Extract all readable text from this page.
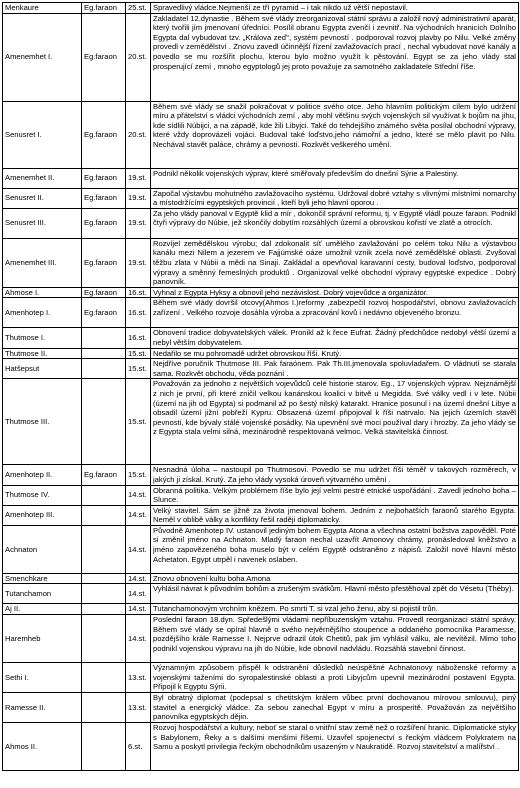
Menkaure	Eg.faraon	25.st.	Spravedlivý vládce.Nejmenší ze tří pyramid – i tak nikdo už větší nepostavil.
Amenemhet I.	Eg.faraon	20.st.	Zakladatel 12.dynastie . Během své vlády zreorganizoval státní správu a založil nový administrativní aparát, který tvořili jím jmenovaní úředníci. Posílil obranu Egypta zvenčí i zevnitř. Na východních hranicích Dolního Egypta dal vybudovat tzv. „Králova zeď“, systém pevností . podporoval rozvoj plavby po Nilu. Velké změny provedl v zemědělství . Znovu zavedl účinnější řízení zavlažovacích prací , nechal vybudovat nové kanály a povedlo se mu rozšířit plochu, kterou bylo možno využít k pěstování. Egypt se za jeho vlády stal prosperující zemí , mnoho egyptologů jej proto považuje za samotného zakladatele Střední říše.
Senusret I.	Eg.faraon	20.st.	Během své vlády se snažil pokračovat v politice svého otce. Jeho hlavním politickým cílem bylo udržení míru a přátelství s vládci východních zemí , aby mohl většinu svých vojenských sil využívat k bojům na jihu, kde sídlili Núbijci, a na západě, kde žili Libyjci. Také do tehdejšího známého světa posílal obchodní výpravy, které vždy doprovázeli vojáci. Budoval také loďstvo,jeho námořní a jedno, které se mělo plavit po Nilu. Nechával stavět paláce, chrámy a pevnosti. Rozkvět veškerého umění.
Amenemhet II.	Eg.faraon	19.st.	Podnikl několik vojenských výprav, které směřovaly především do dnešní Sýrie a Palestiny.
Senusret II.	Eg.faraon	19.st.	Započal výstavbu mohutného zavlažovacího systému. Udržoval dobré vztahy s vlivnými místními nomarchy a místodržícími egyptských provincií , kteří byli jeho hlavní oporou .
Senusret III.	Eg.faraon	19.st.	Za jeho vlády panoval v Egyptě klid a mír , dokončil správní reformu, tj. v Egyptě vládl pouze faraon. Podnikl čtyři výpravy do Núbie, jež skončily dobytím rozsáhlých území a obrovskou kořistí ve zlatě a otrocích.
Amenemhet III.	Eg.faraon	19.st.	Rozvíjel zemědělskou výrobu; dal zdokonalit síť umělého zavlažování po celém toku Nilu a výstavbou kanálu mezi Nilem a jezerem ve Fajjúmské oáze umožnil vznik zcela nové zemědělské oblasti. Zvyšoval těžbu zlata v Núbii a mědi na Sinaji. Zakládal a opevňoval karavanní cesty, budoval loďstvo, podporoval výpravy a směnný řemeslných produktů . Organizoval velké obchodní výpravy egyptské expedice . Dobrý panovník.
Ahmose I.	Eg.faraon	16.st.	Vyhnal z Egypta Hyksy a obnovil jeho nezávislost. Dobrý vojevůdce a organizátor.
Amenhotep I.	Eg.faraon	16.st.	Během své vlády dovršil otcovy(Ahmos I.)reformy ,zabezpečil rozvoj hospodářství, obnovu zavlažovacích zařízení . Velkého rozvoje dosáhla výroba a zpracování kovů i nedávno objeveného bronzu.
Thutmose I.		16.st.	Obnovení tradice dobyvatelských válek. Pronikl až k řece Eufrat. Žádný předchůdce nedobyl větší území a nebyl větším dobyvatelem.
Thutmose II.		15.st.	Nedařilo se mu pohromadě udržet obrovskou říši. Krutý.
Hatšepsut		15.st.	Nejdříve poručník Thutmose III. Pak faraónem. Pak Th.III.jmenovala spoluvladařem. O vládnutí se starala sama. Rozkvět obchodu, věda poznání .
Thutmose III.		15.st.	Považován za jednoho z největších vojevůdců celé historie starov. Eg., 17 vojenských výprav. Nejznámější z nich je první, při které zničil velkou kanánskou koalici v bitvě u Megidda. Své války vedl i v lete. Núbii (území na jih od Egypta) si podmanil až po šestý nilský katarakt. Hranice posunul i na území dnešní Libye a obsadil území jižní pobřeží Kypru. Obsazená území připojoval k říši natrvalo. Na jejich územích stavěl pevnosti, kde bývaly stálé vojenské posádky. Na upevnění své moci používal dary i hrozby. Za jeho vlády se z Egypta stala velmi silná, mezinárodně respektovaná velmoc. Velká stavitelská činnost.
Amenhotep II.	Eg.faraon	15.st.	Nesnadná úloha – nastoupil po Thutmosovi. Povedlo se mu udržet říši téměř v takových rozměrech, v jakých ji získal. Krutý. Za jeho vlády vysoká úroveň výtvarného umění .
Thutmose IV.		14.st.	Obranná politika. Velkým problémem říše bylo její velmi pestré etnické uspořádání . Zavedl jednoho boha – Slunce.
Amenhotep III.		14.st.	Velký stavitel. Sám se jižně za života jmenoval bohem. Jedním z nejbohatších faraonů starého Egypta. Neměl v oblibě války a konflikty řešil raději diplomaticky.
Achnaton		14.st.	Původně Amenhotep IV. ustanovil jediným bohem Egypta Atona a všechna ostatní božstva zapověděl. Poté si změnil jméno na Achnaton. Mladý faraon nechal uzavřít Amonovy chrámy, pronásledoval kněžstvo a jméno zapovězeného boha muselo být v celém Egyptě odstraněno z nápisů. Založil nové hlavní město Achetaton. Egypt utrpěl i navenek oslaben.
Smenchkare		14.st.	Znovu obnovení kultu boha Amona
Tutanchamon		14.st.	Vyhlásil návrat k původním bohům a zrušeným svátkům. Hlavní město přestěhoval zpět do Vésetu (Théby).
Aj II.		14.st.	Tutanchamonovým vrchním knězem. Po smrti T. si vzal jeho ženu, aby si pojistil trůn.
Haremheb		14.st.	Poslední faraon 18.dyn. Spředešlými vládami nepříbuzenským vztahu. Provedl reorganizaci státní správy. Během své vlády se opíral hlavně o svého nejvěrnějšího stoupence a oddaného pomocníka Paramesse, pozdějšího krále Ramesse I. Nejprve odrazil útok Chetitů, pak jim vyhlásil válku, ale nevítězil. Mimo toho podnikl vojenskou výpravu na jih do Núbie, kde obnovil nadvládu. Rozsáhlá stavební činnost.
Sethi I.		13.st.	Významným způsobem přispěl k odstranění důsledků neúspěšné Achnatonovy náboženské reformy a vojenskými taženími do syropalestinské oblasti a proti Libyjcům upevnil mezinárodní postavení Egypta. Připojil k Egyptu Sýrii.
Ramesse II.		13.st.	Byl obratný diplomat (podepsal s chetitským králem vůbec první dochovanou mírovou smlouvu), piný stavitel a energický vládce. Za sebou zanechal Egypt v míru a prosperitě. Považován za největšího panovníka egyptských dějin.
Ahmos II.		6.st.	Rozvoj hospodářství a kultury, neboť se staral o vnitřní stav země než o rozšíření hranic. Diplomatické styky s Babylonem, Řeky a s dalšími menšími říšemi. Uzavřel spojenectví s řeckým vládcem Polykratem na Samu a poskytl privilegia řeckým obchodníkům usazeným v Naukratidě. Rozvoj stavitelství a malířství .
